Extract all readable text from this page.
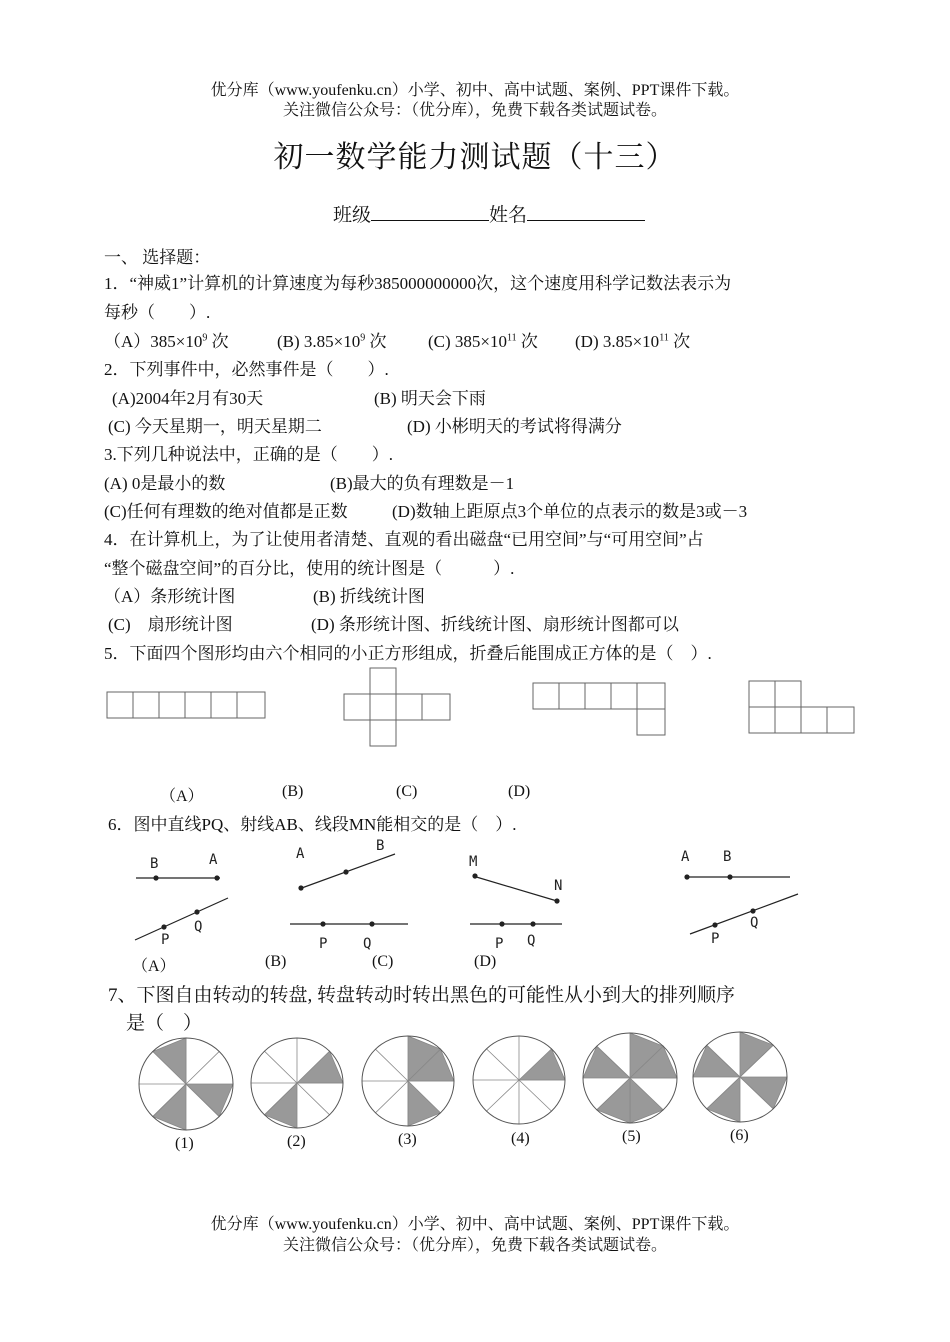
优分库（www.youfenku.cn）小学、初中、高中试题、案例、PPT课件下载。
关注微信公众号：（优分库），免费下载各类试题试卷。
初一数学能力测试题（十三）
班级	姓名
一、 选择题：
1．“神威1”计算机的计算速度为每秒385000000000次，这个速度用科学记数法表示为
每秒（　　）.
$(A)385\times 10^9$ 次	(B) $3.85\times 10^9$ 次 (C) $385\times 10^{11}$ 次 (D) $3.85\times 10^{11}$ 次
2．下列事件中，必然事件是（　　）.
(A)2004年2月有30天	(B) 明天会下雨
(C) 今天星期一，明天星期二	(D) 小彬明天的考试将得满分
3.下列几种说法中，正确的是（　　）.
(A) 0是最小的数	(B)最大的负有理数是－1
(C)任何有理数的绝对值都是正数	(D)数轴上距原点3个单位的点表示的数是3或－3
4．在计算机上，为了让使用者清楚、直观的看出磁盘“已用空间”与“可用空间”占
“整个磁盘空间”的百分比，使用的统计图是（　　　）.
（A）条形统计图	(B) 折线统计图
(C)　扇形统计图	(D) 条形统计图、折线统计图、扇形统计图都可以
5．下面四个图形均由六个相同的小正方形组成，折叠后能围成正方体的是（　）.
（A）	(B)	(C)	(D)
6．图中直线PQ、射线AB、线段MN能相交的是（　）.
B	A
P
Q
A	B
P	Q
M
N
P Q
A B
P
Q
（A）	(B)	(C)	(D)
7、下图自由转动的转盘, 转盘转动时转出黑色的可能性从小到大的排列顺序
是（　）
(1)	(2)	(3)	(4)	(5)	(6)
优分库（www.youfenku.cn）小学、初中、高中试题、案例、PPT课件下载。
关注微信公众号：（优分库），免费下载各类试题试卷。
